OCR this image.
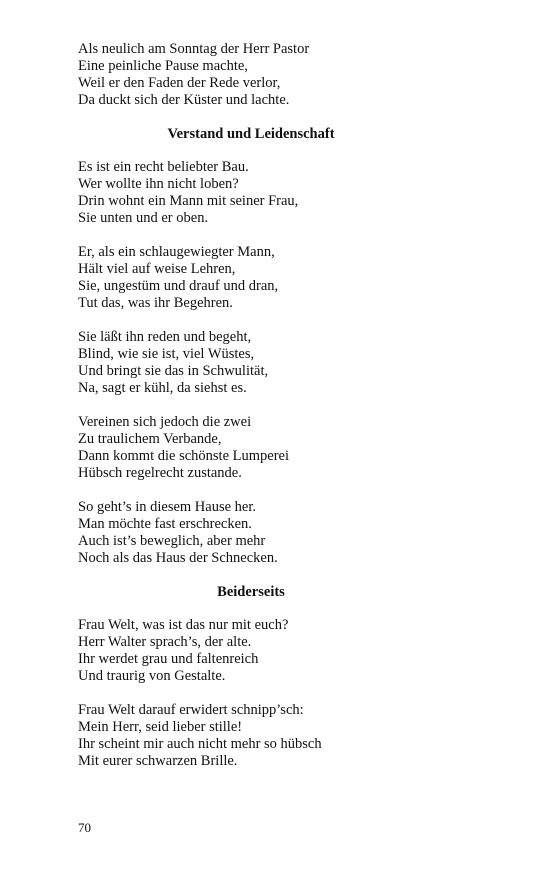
Als neulich am Sonntag der Herr Pastor
Eine peinliche Pause machte,
Weil er den Faden der Rede verlor,
Da duckt sich der Küster und lachte.
Verstand und Leidenschaft
Es ist ein recht beliebter Bau.
Wer wollte ihn nicht loben?
Drin wohnt ein Mann mit seiner Frau,
Sie unten und er oben.
Er, als ein schlaugewiegter Mann,
Hält viel auf weise Lehren,
Sie, ungestüm und drauf und dran,
Tut das, was ihr Begehren.
Sie läßt ihn reden und begeht,
Blind, wie sie ist, viel Wüstes,
Und bringt sie das in Schwulität,
Na, sagt er kühl, da siehst es.
Vereinen sich jedoch die zwei
Zu traulichem Verbande,
Dann kommt die schönste Lumperei
Hübsch regelrecht zustande.
So geht’s in diesem Hause her.
Man möchte fast erschrecken.
Auch ist’s beweglich, aber mehr
Noch als das Haus der Schnecken.
Beiderseits
Frau Welt, was ist das nur mit euch?
Herr Walter sprach’s, der alte.
Ihr werdet grau und faltenreich
Und traurig von Gestalte.
Frau Welt darauf erwidert schnipp’sch:
Mein Herr, seid lieber stille!
Ihr scheint mir auch nicht mehr so hübsch
Mit eurer schwarzen Brille.
70
